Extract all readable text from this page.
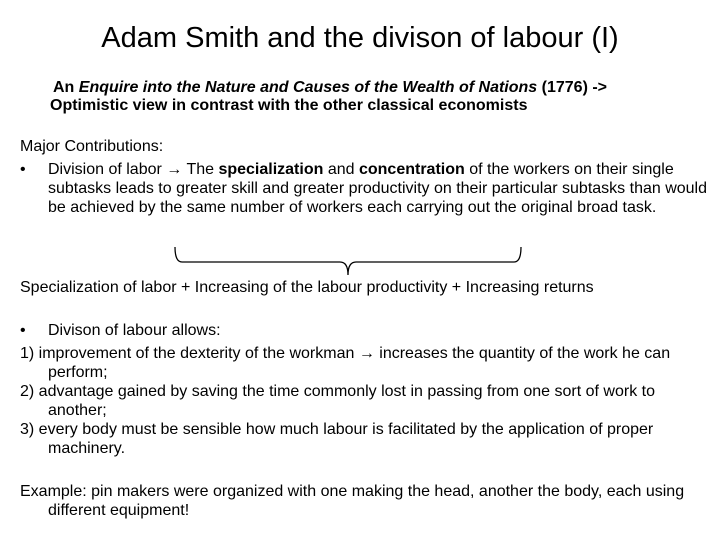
Adam Smith and the divison of labour (I)
An Enquire into the Nature and Causes of the Wealth of Nations (1776) ->
Optimistic view in contrast with the other classical economists
Major Contributions:
•	Division of labor → The specialization and concentration of the workers on their single subtasks leads to greater skill and greater productivity on their particular subtasks than would be achieved by the same number of workers each carrying out the original broad task.
Specialization of labor + Increasing of the labour productivity + Increasing returns
•	Divison of labour allows:
1) improvement of the dexterity of the workman → increases the quantity of the work he can perform;
2) advantage gained by saving the time commonly lost in passing from one sort of work to another;
3) every body must be sensible how much labour is facilitated by the application of proper machinery.
Example: pin makers were organized with one making the head, another the body, each using different equipment!
